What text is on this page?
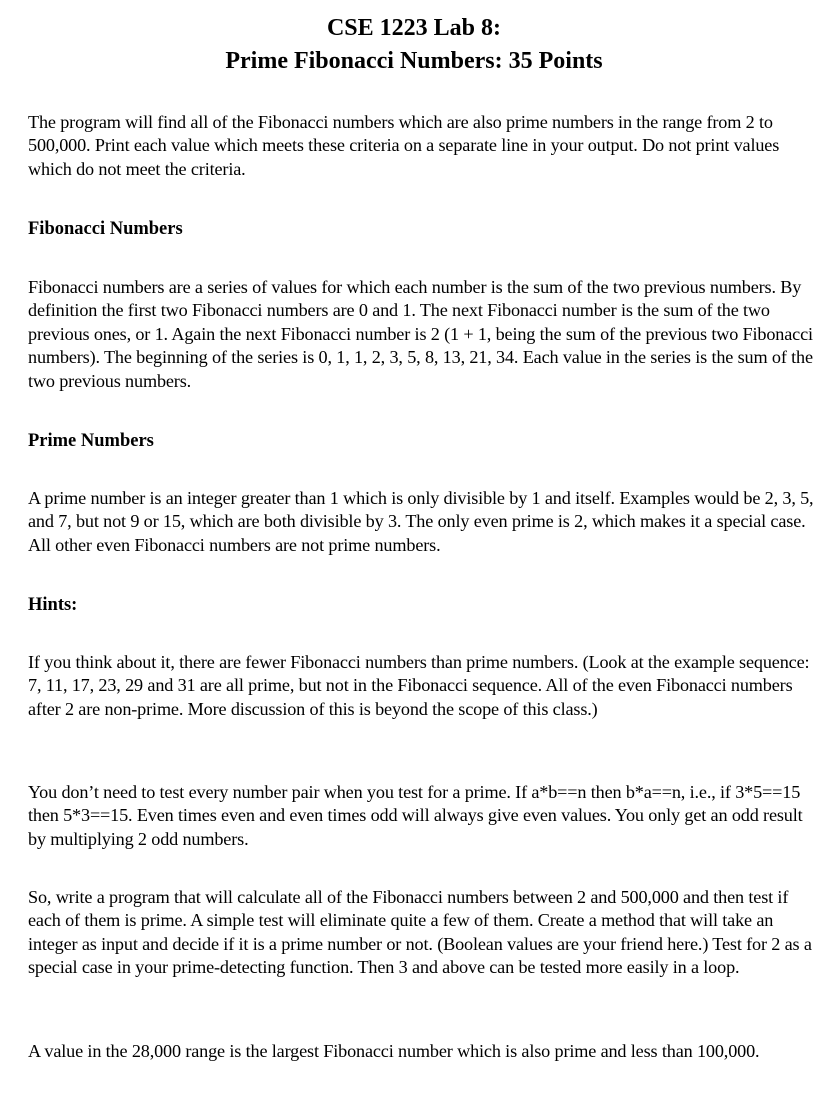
CSE 1223 Lab 8:
Prime Fibonacci Numbers: 35 Points

The program will find all of the Fibonacci numbers which are also prime numbers in the range from 2 to 500,000. Print each value which meets these criteria on a separate line in your output. Do not print values which do not meet the criteria.

Fibonacci Numbers

Fibonacci numbers are a series of values for which each number is the sum of the two previous numbers. By definition the first two Fibonacci numbers are 0 and 1. The next Fibonacci number is the sum of the two previous ones, or 1. Again the next Fibonacci number is 2 (1 + 1, being the sum of the previous two Fibonacci numbers). The beginning of the series is 0, 1, 1, 2, 3, 5, 8, 13, 21, 34. Each value in the series is the sum of the two previous numbers.

Prime Numbers

A prime number is an integer greater than 1 which is only divisible by 1 and itself. Examples would be 2, 3, 5, and 7, but not 9 or 15, which are both divisible by 3. The only even prime is 2, which makes it a special case. All other even Fibonacci numbers are not prime numbers.

Hints:

If you think about it, there are fewer Fibonacci numbers than prime numbers. (Look at the example sequence: 7, 11, 17, 23, 29 and 31 are all prime, but not in the Fibonacci sequence. All of the even Fibonacci numbers after 2 are non-prime. More discussion of this is beyond the scope of this class.)

You don’t need to test every number pair when you test for a prime. If a*b==n then b*a==n, i.e., if 3*5==15 then 5*3==15. Even times even and even times odd will always give even values. You only get an odd result by multiplying 2 odd numbers.

So, write a program that will calculate all of the Fibonacci numbers between 2 and 500,000 and then test if each of them is prime. A simple test will eliminate quite a few of them. Create a method that will take an integer as input and decide if it is a prime number or not. (Boolean values are your friend here.) Test for 2 as a special case in your prime-detecting function. Then 3 and above can be tested more easily in a loop.

A value in the 28,000 range is the largest Fibonacci number which is also prime and less than 100,000.
